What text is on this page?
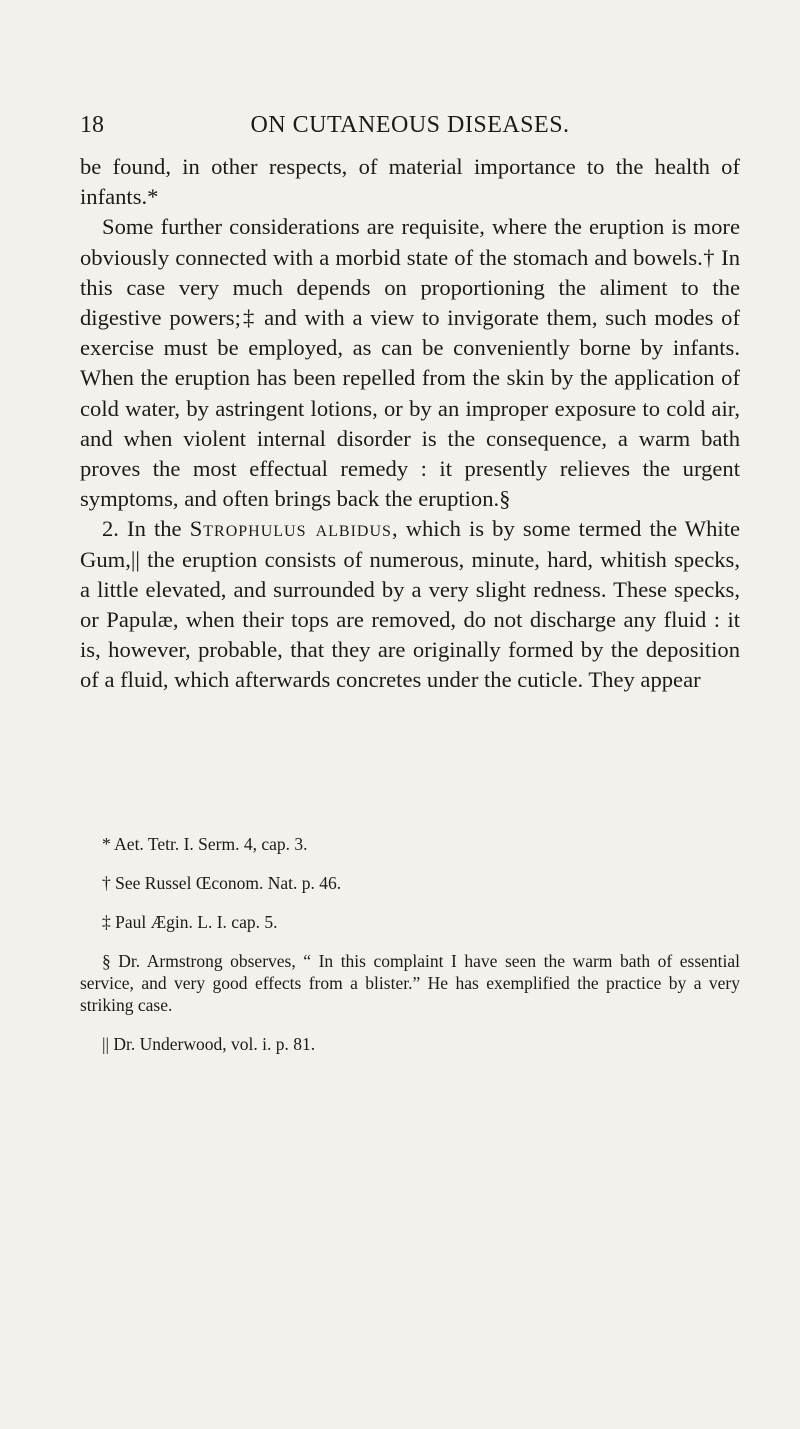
18	ON CUTANEOUS DISEASES.

be found, in other respects, of material importance to the health of infants.*

Some further considerations are requisite, where the eruption is more obviously connected with a morbid state of the stomach and bowels.† In this case very much depends on proportioning the aliment to the digestive powers;‡ and with a view to invigorate them, such modes of exercise must be employed, as can be conveniently borne by infants. When the eruption has been repelled from the skin by the application of cold water, by astringent lotions, or by an improper exposure to cold air, and when violent internal disorder is the consequence, a warm bath proves the most effectual remedy : it presently relieves the urgent symptoms, and often brings back the eruption.§

2. In the Strophulus albidus, which is by some termed the White Gum,|| the eruption consists of numerous, minute, hard, whitish specks, a little elevated, and surrounded by a very slight redness. These specks, or Papulæ, when their tops are removed, do not discharge any fluid : it is, however, probable, that they are originally formed by the deposition of a fluid, which afterwards concretes under the cuticle. They appear

* Aet. Tetr. I. Serm. 4, cap. 3.

† See Russel Œconom. Nat. p. 46.

‡ Paul Ægin. L. I. cap. 5.

§ Dr. Armstrong observes, “ In this complaint I have seen the warm bath of essential service, and very good effects from a blister.” He has exemplified the practice by a very striking case.

|| Dr. Underwood, vol. i. p. 81.
